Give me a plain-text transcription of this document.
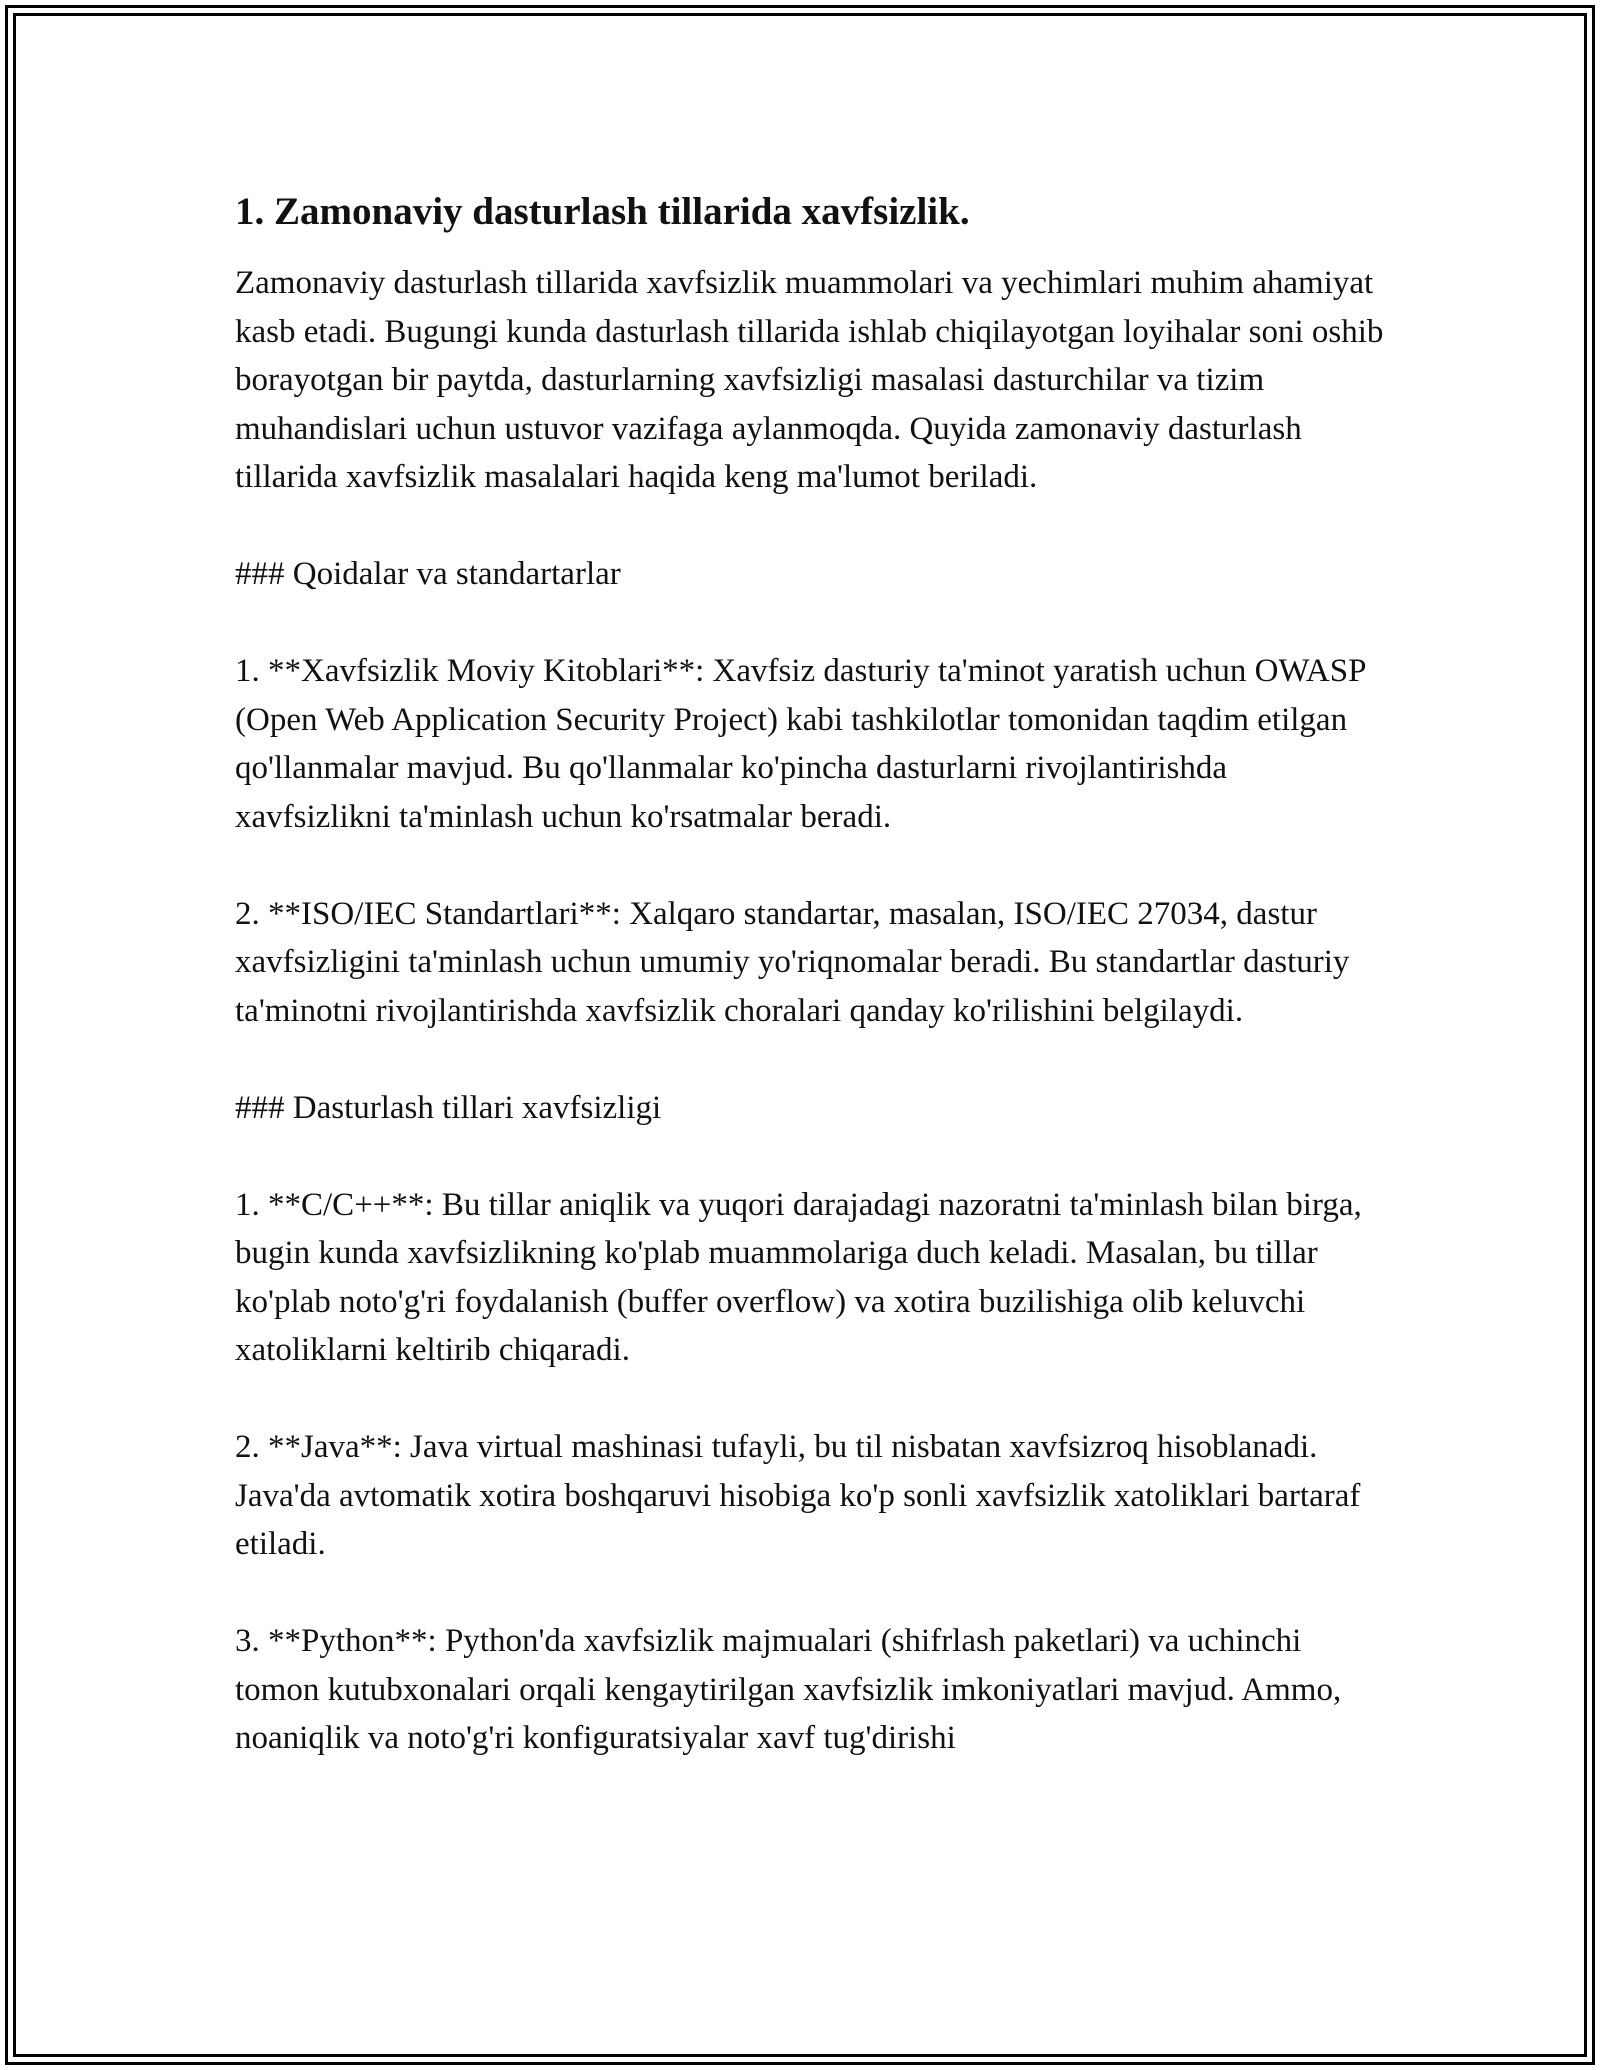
1. Zamonaviy dasturlash tillarida xavfsizlik.

Zamonaviy dasturlash tillarida xavfsizlik muammolari va yechimlari muhim ahamiyat kasb etadi. Bugungi kunda dasturlash tillarida ishlab chiqilayotgan loyihalar soni oshib borayotgan bir paytda, dasturlarning xavfsizligi masalasi dasturchilar va tizim muhandislari uchun ustuvor vazifaga aylanmoqda. Quyida zamonaviy dasturlash tillarida xavfsizlik masalalari haqida keng ma'lumot beriladi.

### Qoidalar va standartarlar

1. **Xavfsizlik Moviy Kitoblari**: Xavfsiz dasturiy ta'minot yaratish uchun OWASP (Open Web Application Security Project) kabi tashkilotlar tomonidan taqdim etilgan qo'llanmalar mavjud. Bu qo'llanmalar ko'pincha dasturlarni rivojlantirishda xavfsizlikni ta'minlash uchun ko'rsatmalar beradi.

2. **ISO/IEC Standartlari**: Xalqaro standartar, masalan, ISO/IEC 27034, dastur xavfsizligini ta'minlash uchun umumiy yo'riqnomalar beradi. Bu standartlar dasturiy ta'minotni rivojlantirishda xavfsizlik choralari qanday ko'rilishini belgilaydi.

### Dasturlash tillari xavfsizligi

1. **C/C++**: Bu tillar aniqlik va yuqori darajadagi nazoratni ta'minlash bilan birga, bugin kunda xavfsizlikning ko'plab muammolariga duch keladi. Masalan, bu tillar ko'plab noto'g'ri foydalanish (buffer overflow) va xotira buzilishiga olib keluvchi xatoliklarni keltirib chiqaradi.

2. **Java**: Java virtual mashinasi tufayli, bu til nisbatan xavfsizroq hisoblanadi. Java'da avtomatik xotira boshqaruvi hisobiga ko'p sonli xavfsizlik xatoliklari bartaraf etiladi.

3. **Python**: Python'da xavfsizlik majmualari (shifrlash paketlari) va uchinchi tomon kutubxonalari orqali kengaytirilgan xavfsizlik imkoniyatlari mavjud. Ammo, noaniqlik va noto'g'ri konfiguratsiyalar xavf tug'dirishi
